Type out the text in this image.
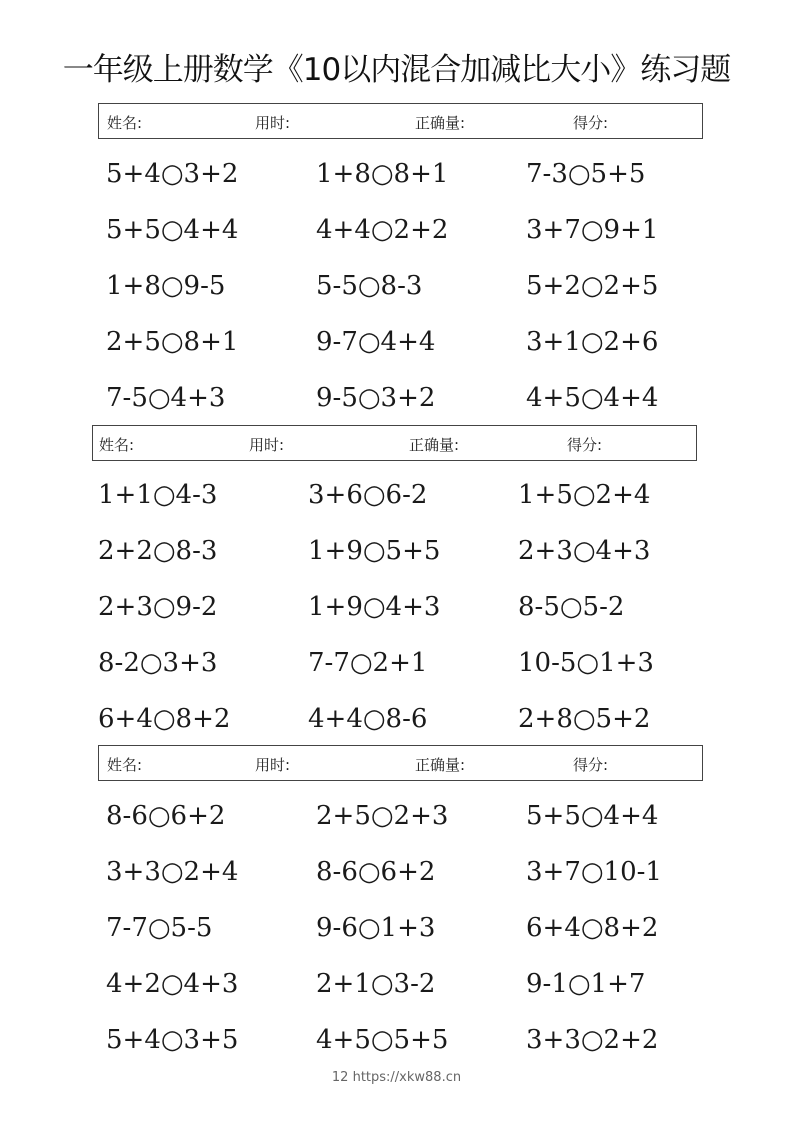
一年级上册数学《10以内混合加减比大小》练习题
姓名:	用时:	正确量:	得分:
5+4○3+2	1+8○8+1	7-3○5+5
5+5○4+4	4+4○2+2	3+7○9+1
1+8○9-5	5-5○8-3	5+2○2+5
2+5○8+1	9-7○4+4	3+1○2+6
7-5○4+3	9-5○3+2	4+5○4+4
姓名:	用时:	正确量:	得分:
1+1○4-3	3+6○6-2	1+5○2+4
2+2○8-3	1+9○5+5	2+3○4+3
2+3○9-2	1+9○4+3	8-5○5-2
8-2○3+3	7-7○2+1	10-5○1+3
6+4○8+2	4+4○8-6	2+8○5+2
姓名:	用时:	正确量:	得分:
8-6○6+2	2+5○2+3	5+5○4+4
3+3○2+4	8-6○6+2	3+7○10-1
7-7○5-5	9-6○1+3	6+4○8+2
4+2○4+3	2+1○3-2	9-1○1+7
5+4○3+5	4+5○5+5	3+3○2+2
12 https://xkw88.cn
